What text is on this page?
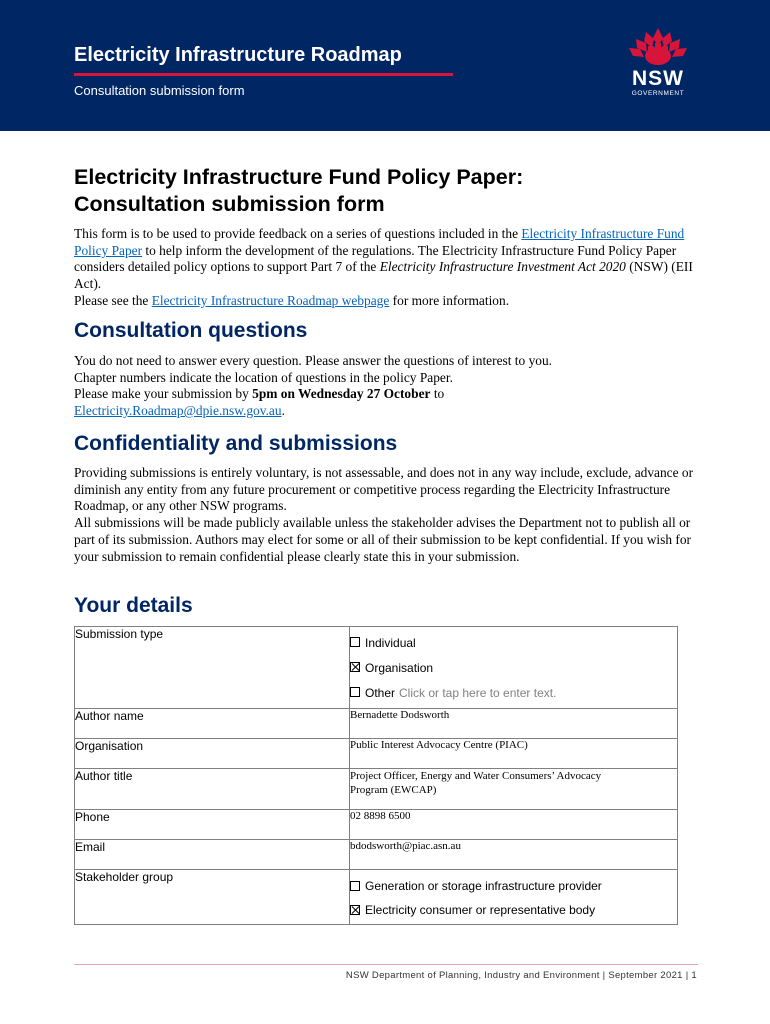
Electricity Infrastructure Roadmap
Consultation submission form
NSW
GOVERNMENT
Electricity Infrastructure Fund Policy Paper:
Consultation submission form

This form is to be used to provide feedback on a series of questions included in the Electricity Infrastructure Fund Policy Paper to help inform the development of the regulations. The Electricity Infrastructure Fund Policy Paper considers detailed policy options to support Part 7 of the Electricity Infrastructure Investment Act 2020 (NSW) (EII Act).
Please see the Electricity Infrastructure Roadmap webpage for more information.

Consultation questions

You do not need to answer every question. Please answer the questions of interest to you.
Chapter numbers indicate the location of questions in the policy Paper.
Please make your submission by 5pm on Wednesday 27 October to
Electricity.Roadmap@dpie.nsw.gov.au.

Confidentiality and submissions

Providing submissions is entirely voluntary, is not assessable, and does not in any way include, exclude, advance or diminish any entity from any future procurement or competitive process regarding the Electricity Infrastructure Roadmap, or any other NSW programs.
All submissions will be made publicly available unless the stakeholder advises the Department not to publish all or part of its submission. Authors may elect for some or all of their submission to be kept confidential. If you wish for your submission to remain confidential please clearly state this in your submission.

Your details
Submission type	Individual
Organisation
Other Click or tap here to enter text.

Author name	Bernadette Dodsworth
Organisation	Public Interest Advocacy Centre (PIAC)
Author title	Project Officer, Energy and Water Consumers’ Advocacy Program (EWCAP)
Phone	02 8898 6500
Email	bdodsworth@piac.asn.au
Stakeholder group	Generation or storage infrastructure provider
Electricity consumer or representative body
NSW Department of Planning, Industry and Environment | September 2021 | 1
